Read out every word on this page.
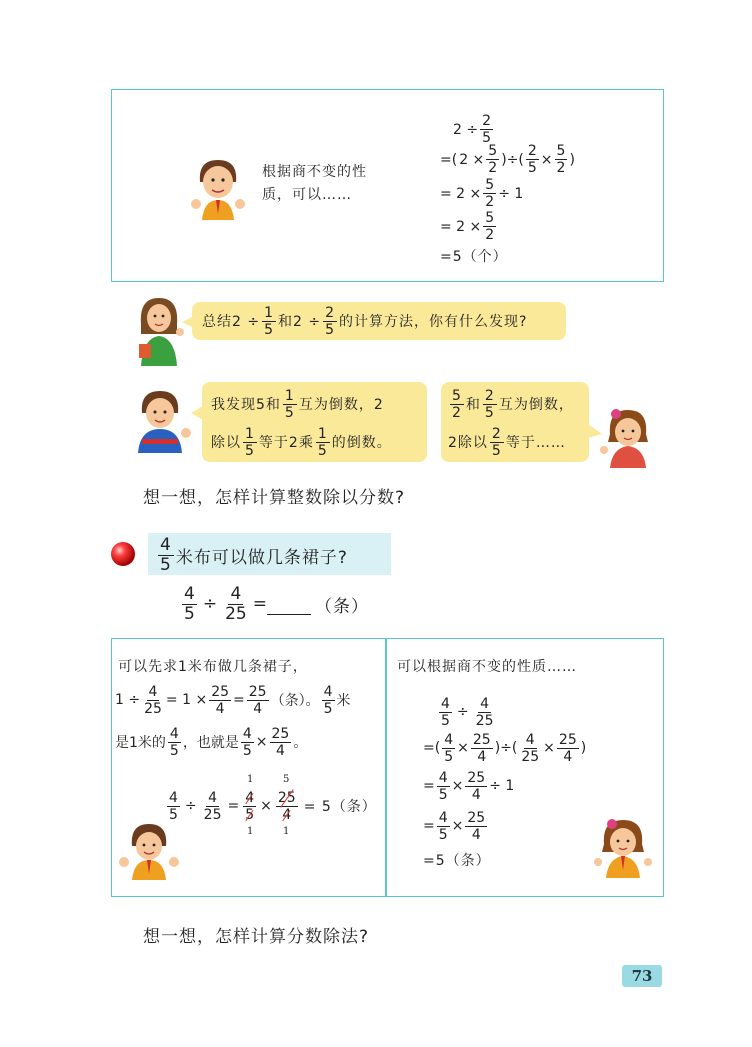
根据商不变的性
质，可以……
$2 \div \frac{2}{5}$
=( $2 \times \frac{5}{2}$ )÷( $\frac{2}{5} \times \frac{5}{2}$ )
= $2 \times \frac{5}{2} \div 1$
= $2 \times \frac{5}{2}$
=5（个）
总结$2 \div \frac{1}{5}$ 和$2 \div \frac{2}{5}$ 的计算方法，你有什么发现?
我发现5和 $\frac{1}{5}$ 互为倒数，2
除以 $\frac{1}{5}$ 等于2乘 $\frac{1}{5}$ 的倒数。
$\frac{5}{2}$ 和 $\frac{2}{5}$ 互为倒数，
2除以 $\frac{2}{5}$ 等于……
想一想，怎样计算整数除以分数?
$\frac{4}{5}$ 米布可以做几条裙子?
$\frac{4}{5} \div \frac{4}{25}$ =	（条）
可以先求1米布做几条裙子，
$1 \div \frac{4}{25} = 1 \times \frac{25}{4} = \frac{25}{4}$ （条）。 $\frac{4}{5}$ 米
是1米的 $\frac{4}{5}$ ，也就是 $\frac{4}{5} \times \frac{25}{4}$ 。
$\frac{4}{5} \div \frac{4}{25} = \frac{4}{5} \times \frac{25}{4} = 5$（条）
1	5
1	1
可以根据商不变的性质……
$\frac{4}{5} \div \frac{4}{25}$
=( $\frac{4}{5} \times \frac{25}{4}$ )÷( $\frac{4}{25} \times \frac{25}{4}$ )
= $\frac{4}{5} \times \frac{25}{4} \div 1$
= $\frac{4}{5} \times \frac{25}{4}$
=5（条）
想一想，怎样计算分数除法?
73
